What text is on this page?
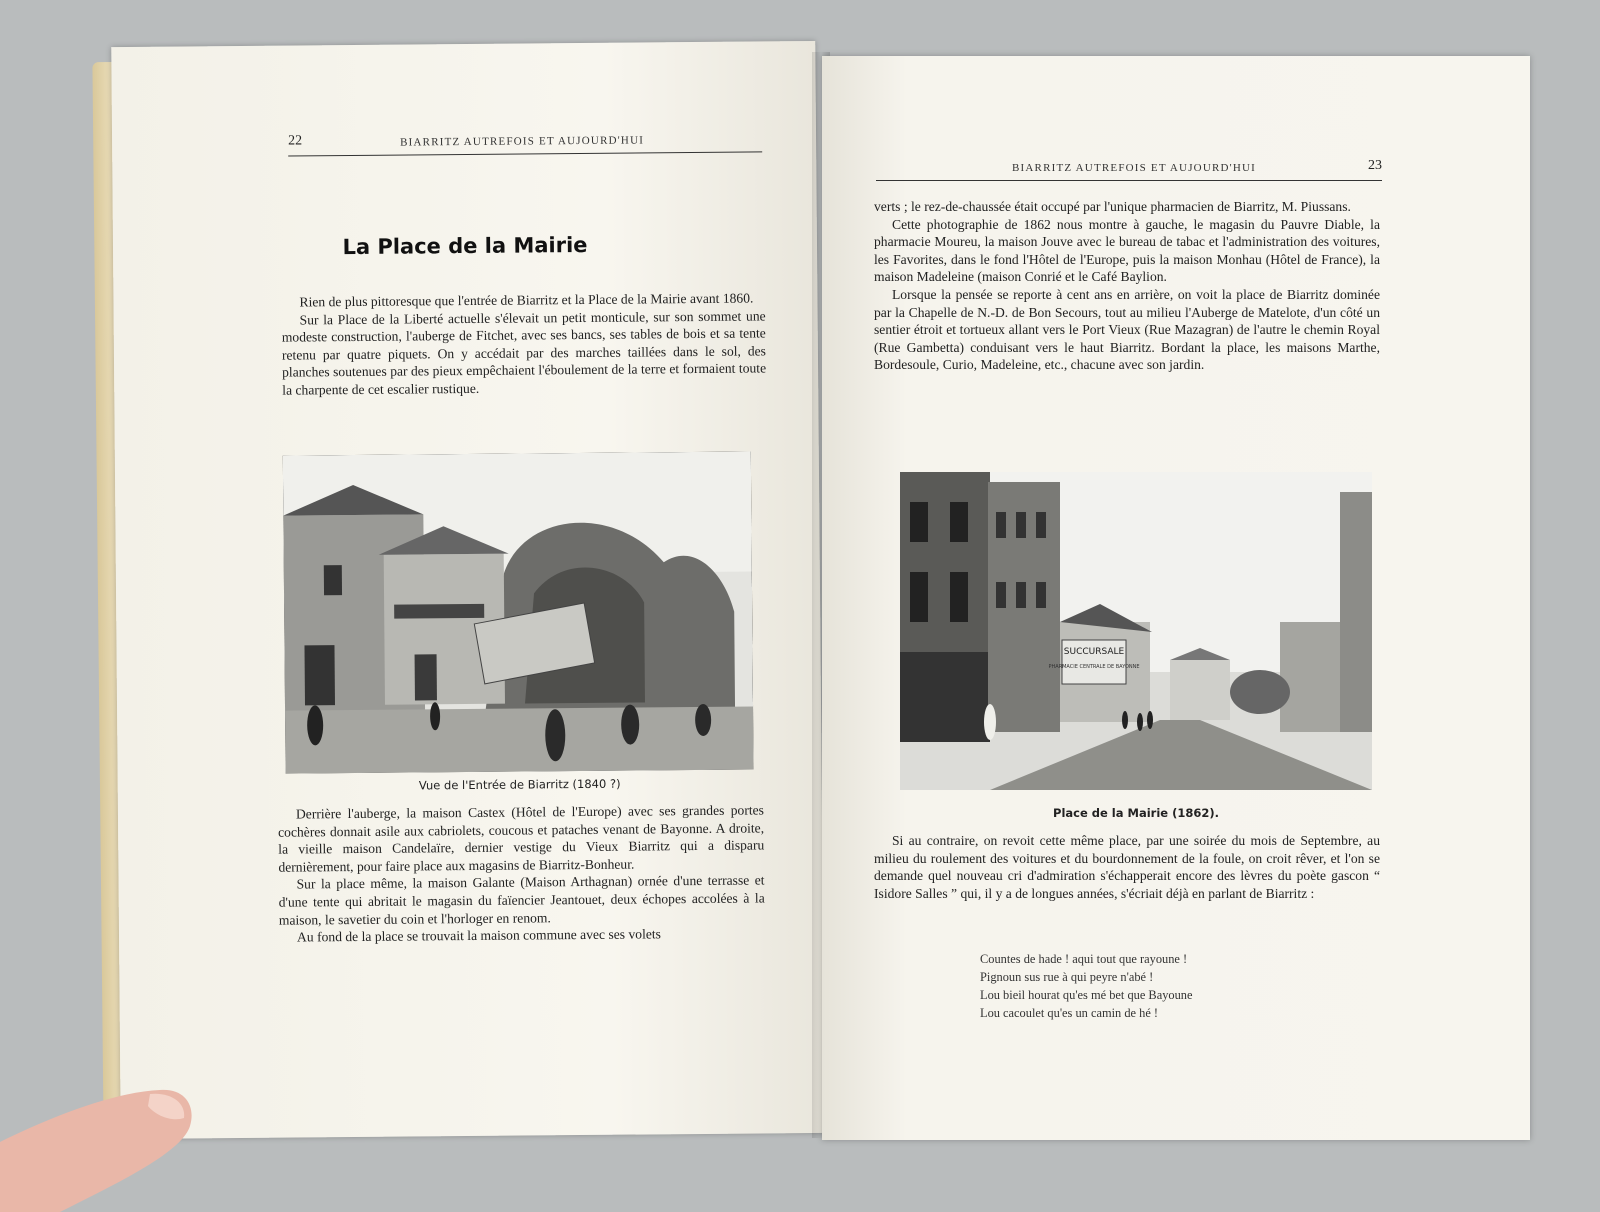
22	BIARRITZ AUTREFOIS ET AUJOURD'HUI
La Place de la Mairie

Rien de plus pittoresque que l'entrée de Biarritz et la Place de la Mairie avant 1860.

Sur la Place de la Liberté actuelle s'élevait un petit monticule, sur son sommet une modeste construction, l'auberge de Fitchet, avec ses bancs, ses tables de bois et sa tente retenu par quatre piquets. On y accédait par des marches taillées dans le sol, des planches soutenues par des pieux empêchaient l'éboulement de la terre et formaient toute la charpente de cet escalier rustique.

Vue de l'Entrée de Biarritz (1840 ?)

Derrière l'auberge, la maison Castex (Hôtel de l'Europe) avec ses grandes portes cochères donnait asile aux cabriolets, coucous et pataches venant de Bayonne. A droite, la vieille maison Candelaïre, dernier vestige du Vieux Biarritz qui a disparu dernièrement, pour faire place aux magasins de Biarritz-Bonheur.

Sur la place même, la maison Galante (Maison Arthagnan) ornée d'une terrasse et d'une tente qui abritait le magasin du faïencier Jeantouet, deux échopes accolées à la maison, le savetier du coin et l'horloger en renom.

Au fond de la place se trouvait la maison commune avec ses volets

BIARRITZ AUTREFOIS ET AUJOURD'HUI	23

verts ; le rez-de-chaussée était occupé par l'unique pharmacien de Biarritz, M. Piussans.

Cette photographie de 1862 nous montre à gauche, le magasin du Pauvre Diable, la pharmacie Moureu, la maison Jouve avec le bureau de tabac et l'administration des voitures, les Favorites, dans le fond l'Hôtel de l'Europe, puis la maison Monhau (Hôtel de France), la maison Madeleine (maison Conrié et le Café Baylion.

Lorsque la pensée se reporte à cent ans en arrière, on voit la place de Biarritz dominée par la Chapelle de N.-D. de Bon Secours, tout au milieu l'Auberge de Matelote, d'un côté un sentier étroit et tortueux allant vers le Port Vieux (Rue Mazagran) de l'autre le chemin Royal (Rue Gambetta) conduisant vers le haut Biarritz. Bordant la place, les maisons Marthe, Bordesoule, Curio, Madeleine, etc., chacune avec son jardin.

SUCCURSALE
PHARMACIE CENTRALE DE BAYONNE
Place de la Mairie (1862).

Si au contraire, on revoit cette même place, par une soirée du mois de Septembre, au milieu du roulement des voitures et du bourdonnement de la foule, on croit rêver, et l'on se demande quel nouveau cri d'admiration s'échapperait encore des lèvres du poète gascon “ Isidore Salles ” qui, il y a de longues années, s'écriait déjà en parlant de Biarritz :

Countes de hade ! aqui tout que rayoune !
Pignoun sus rue à qui peyre n'abé !
Lou bieil hourat qu'es mé bet que Bayoune
Lou cacoulet qu'es un camin de hé !
